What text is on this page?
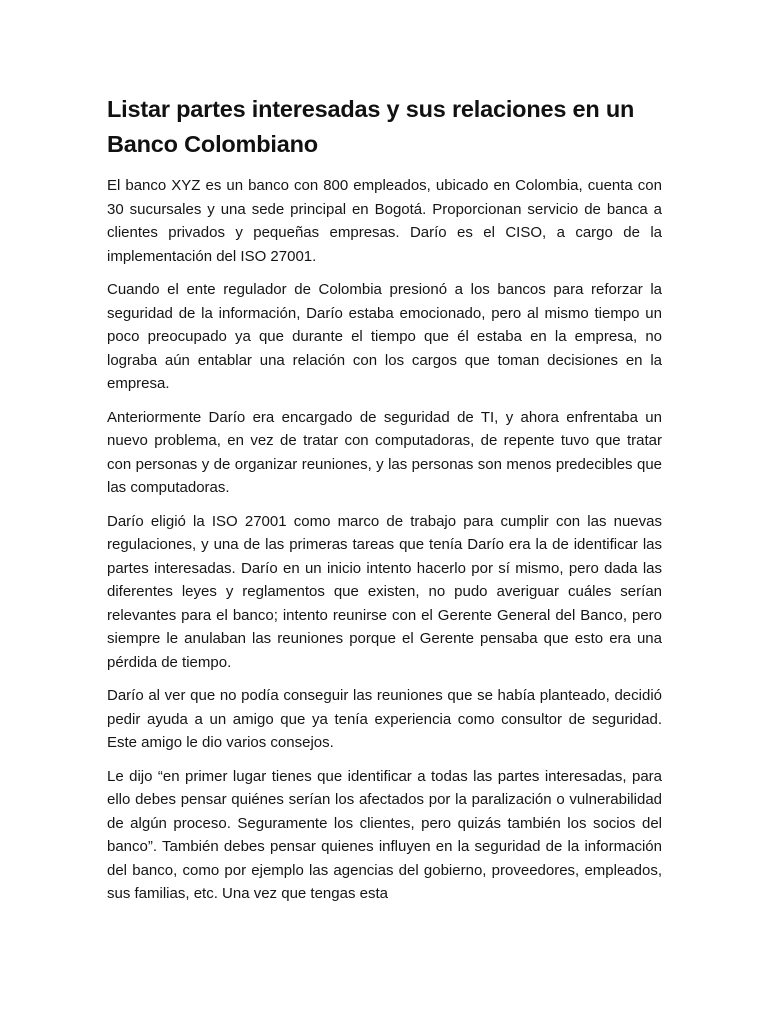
Listar partes interesadas y sus relaciones en un Banco Colombiano

El banco XYZ es un banco con 800 empleados, ubicado en Colombia, cuenta con 30 sucursales y una sede principal en Bogotá. Proporcionan servicio de banca a clientes privados y pequeñas empresas. Darío es el CISO, a cargo de la implementación del ISO 27001.

Cuando el ente regulador de Colombia presionó a los bancos para reforzar la seguridad de la información, Darío estaba emocionado, pero al mismo tiempo un poco preocupado ya que durante el tiempo que él estaba en la empresa, no lograba aún entablar una relación con los cargos que toman decisiones en la empresa.

Anteriormente Darío era encargado de seguridad de TI, y ahora enfrentaba un nuevo problema, en vez de tratar con computadoras, de repente tuvo que tratar con personas y de organizar reuniones, y las personas son menos predecibles que las computadoras.

Darío eligió la ISO 27001 como marco de trabajo para cumplir con las nuevas regulaciones, y una de las primeras tareas que tenía Darío era la de identificar las partes interesadas. Darío en un inicio intento hacerlo por sí mismo, pero dada las diferentes leyes y reglamentos que existen, no pudo averiguar cuáles serían relevantes para el banco; intento reunirse con el Gerente General del Banco, pero siempre le anulaban las reuniones porque el Gerente pensaba que esto era una pérdida de tiempo.

Darío al ver que no podía conseguir las reuniones que se había planteado, decidió pedir ayuda a un amigo que ya tenía experiencia como consultor de seguridad. Este amigo le dio varios consejos.

Le dijo “en primer lugar tienes que identificar a todas las partes interesadas, para ello debes pensar quiénes serían los afectados por la paralización o vulnerabilidad de algún proceso. Seguramente los clientes, pero quizás también los socios del banco”. También debes pensar quienes influyen en la seguridad de la información del banco, como por ejemplo las agencias del gobierno, proveedores, empleados, sus familias, etc. Una vez que tengas esta
